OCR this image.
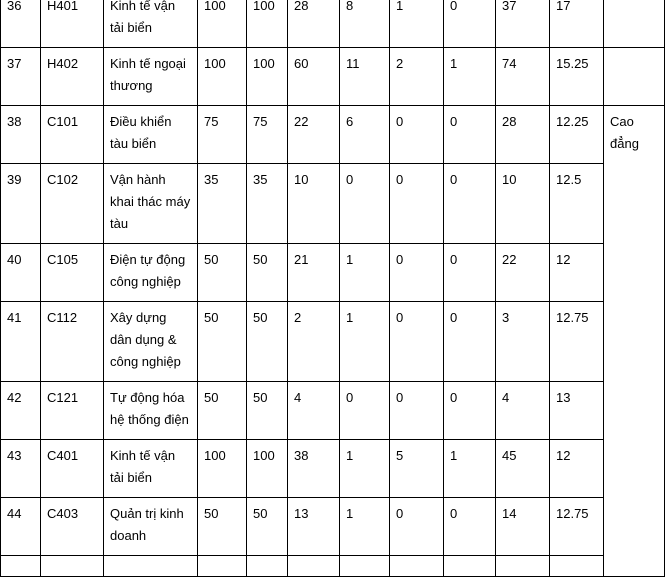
36	H401	Kinh tế vận tải biển	100	100	28	8	1	0	37	17	
37	H402	Kinh tế ngoại thương	100	100	60	11	2	1	74	15.25	
38	C101	Điều khiển tàu biển	75	75	22	6	0	0	28	12.25	Cao đẳng
39	C102	Vận hành khai thác máy tàu	35	35	10	0	0	0	10	12.5	
40	C105	Điện tự động công nghiệp	50	50	21	1	0	0	22	12	
41	C112	Xây dựng dân dụng & công nghiệp	50	50	2	1	0	0	3	12.75	
42	C121	Tự động hóa hệ thống điện	50	50	4	0	0	0	4	13	
43	C401	Kinh tế vận tải biển	100	100	38	1	5	1	45	12	
44	C403	Quản trị kinh doanh	50	50	13	1	0	0	14	12.75	
